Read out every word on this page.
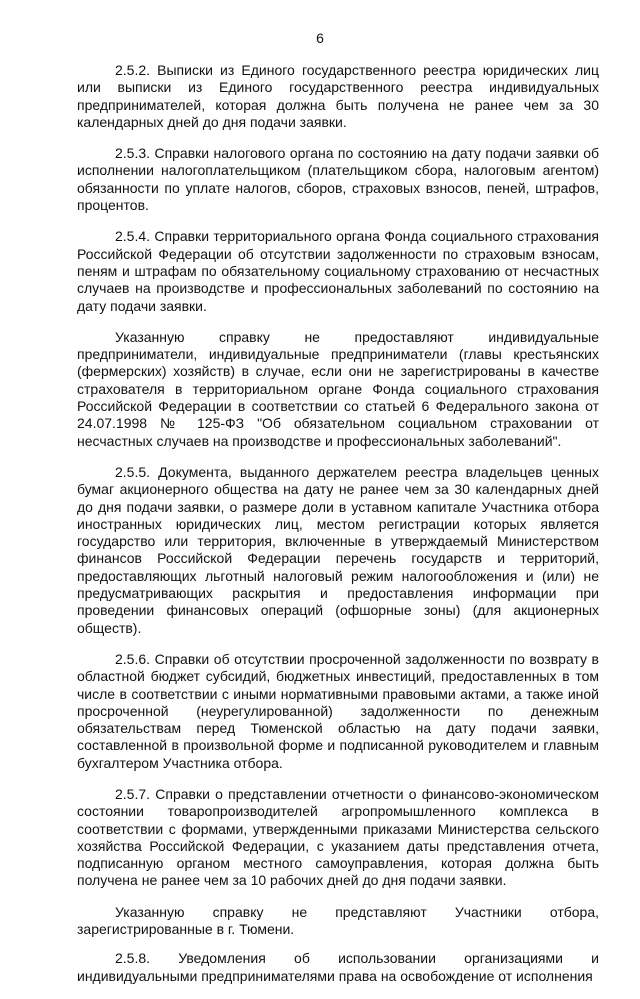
6

2.5.2. Выписки из Единого государственного реестра юридических лиц или выписки из Единого государственного реестра индивидуальных предпринимателей, которая должна быть получена не ранее чем за 30 календарных дней до дня подачи заявки.

2.5.3. Справки налогового органа по состоянию на дату подачи заявки об исполнении налогоплательщиком (плательщиком сбора, налоговым агентом) обязанности по уплате налогов, сборов, страховых взносов, пеней, штрафов, процентов.

2.5.4. Справки территориального органа Фонда социального страхования Российской Федерации об отсутствии задолженности по страховым взносам, пеням и штрафам по обязательному социальному страхованию от несчастных случаев на производстве и профессиональных заболеваний по состоянию на дату подачи заявки.

Указанную справку не предоставляют индивидуальные предприниматели, индивидуальные предприниматели (главы крестьянских (фермерских) хозяйств) в случае, если они не зарегистрированы в качестве страхователя в территориальном органе Фонда социального страхования Российской Федерации в соответствии со статьей 6 Федерального закона от 24.07.1998 № 125-ФЗ "Об обязательном социальном страховании от несчастных случаев на производстве и профессиональных заболеваний".

2.5.5. Документа, выданного держателем реестра владельцев ценных бумаг акционерного общества на дату не ранее чем за 30 календарных дней до дня подачи заявки, о размере доли в уставном капитале Участника отбора иностранных юридических лиц, местом регистрации которых является государство или территория, включенные в утверждаемый Министерством финансов Российской Федерации перечень государств и территорий, предоставляющих льготный налоговый режим налогообложения и (или) не предусматривающих раскрытия и предоставления информации при проведении финансовых операций (офшорные зоны) (для акционерных обществ).

2.5.6. Справки об отсутствии просроченной задолженности по возврату в областной бюджет субсидий, бюджетных инвестиций, предоставленных в том числе в соответствии с иными нормативными правовыми актами, а также иной просроченной (неурегулированной) задолженности по денежным обязательствам перед Тюменской областью на дату подачи заявки, составленной в произвольной форме и подписанной руководителем и главным бухгалтером Участника отбора.

2.5.7. Справки о представлении отчетности о финансово-экономическом состоянии товаропроизводителей агропромышленного комплекса в соответствии с формами, утвержденными приказами Министерства сельского хозяйства Российской Федерации, с указанием даты представления отчета, подписанную органом местного самоуправления, которая должна быть получена не ранее чем за 10 рабочих дней до дня подачи заявки.

Указанную справку не представляют Участники отбора, зарегистрированные в г. Тюмени.

2.5.8. Уведомления об использовании организациями и индивидуальными предпринимателями права на освобождение от исполнения
